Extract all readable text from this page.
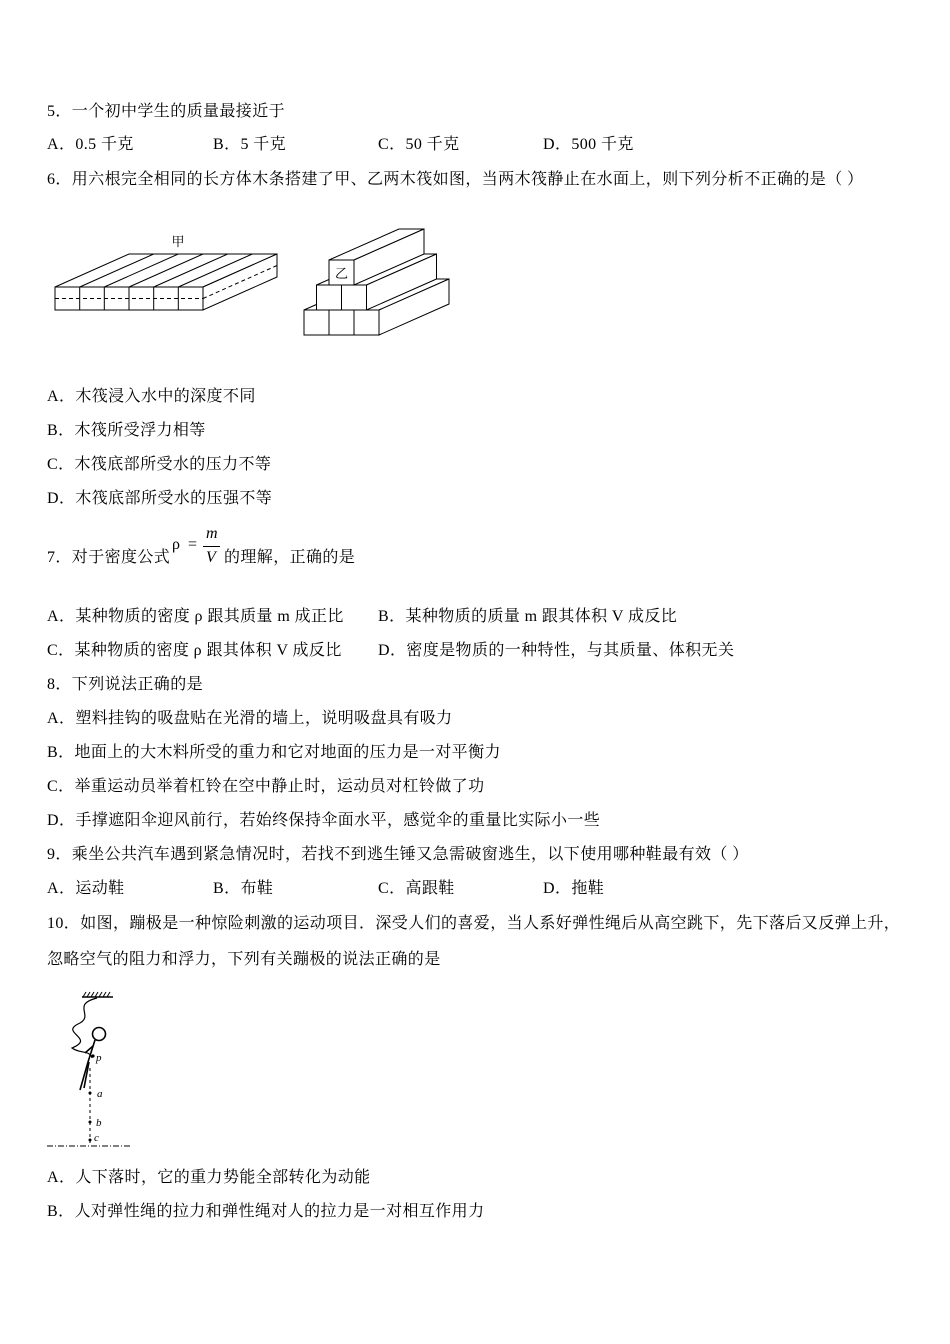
5．一个初中学生的质量最接近于
A．0.5 千克	B．5 千克	C．50 千克	D．500 千克
6．用六根完全相同的长方体木条搭建了甲、乙两木筏如图，当两木筏静止在水面上，则下列分析不正确的是（ ）
甲
乙
A．木筏浸入水中的深度不同
B．木筏所受浮力相等
C．木筏底部所受水的压力不等
D．木筏底部所受水的压强不等
7．对于密度公式
ρ =
m
V 的理解，正确的是
A．某种物质的密度 ρ 跟其质量 m 成正比 B．某种物质的质量 m 跟其体积 V 成反比
C．某种物质的密度 ρ 跟其体积 V 成反比 D．密度是物质的一种特性，与其质量、体积无关
8．下列说法正确的是
A．塑料挂钩的吸盘贴在光滑的墙上，说明吸盘具有吸力
B．地面上的大木料所受的重力和它对地面的压力是一对平衡力
C．举重运动员举着杠铃在空中静止时，运动员对杠铃做了功
D．手撑遮阳伞迎风前行，若始终保持伞面水平，感觉伞的重量比实际小一些
9．乘坐公共汽车遇到紧急情况时，若找不到逃生锤又急需破窗逃生，以下使用哪种鞋最有效（ ）
A．运动鞋	B．布鞋	C．高跟鞋	D．拖鞋
10．如图，蹦极是一种惊险刺激的运动项目．深受人们的喜爱，当人系好弹性绳后从高空跳下，先下落后又反弹上升，
忽略空气的阻力和浮力，下列有关蹦极的说法正确的是
p
a
b
c
A．人下落时，它的重力势能全部转化为动能
B．人对弹性绳的拉力和弹性绳对人的拉力是一对相互作用力
